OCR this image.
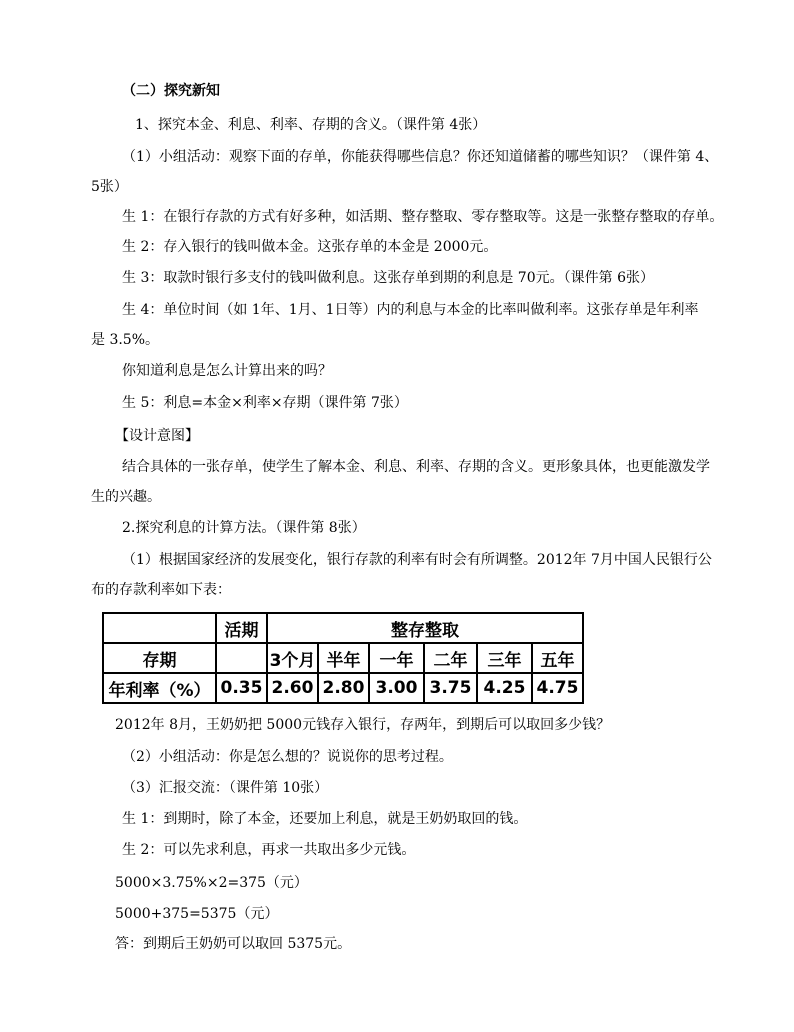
（二）探究新知
1、探究本金、利息、利率、存期的含义。（课件第 4张）
（1）小组活动：观察下面的存单，你能获得哪些信息？你还知道储蓄的哪些知识？（课件第 4、
5张）
生 1：在银行存款的方式有好多种，如活期、整存整取、零存整取等。这是一张整存整取的存单。
生 2：存入银行的钱叫做本金。这张存单的本金是 2000元。
生 3：取款时银行多支付的钱叫做利息。这张存单到期的利息是 70元。（课件第 6张）
生 4：单位时间（如 1年、1月、1日等）内的利息与本金的比率叫做利率。这张存单是年利率
是 3.5%。
你知道利息是怎么计算出来的吗？
生 5：利息=本金×利率×存期（课件第 7张）
【设计意图】
结合具体的一张存单，使学生了解本金、利息、利率、存期的含义。更形象具体，也更能激发学
生的兴趣。
2.探究利息的计算方法。（课件第 8张）
（1）根据国家经济的发展变化，银行存款的利率有时会有所调整。2012年 7月中国人民银行公
布的存款利率如下表：
	活期	整存整取					
存期		3个月	半年	一年	二年	三年	五年
年利率（%）	0.35	2.60	2.80	3.00	3.75	4.25	4.75
2012年 8月，王奶奶把 5000元钱存入银行，存两年，到期后可以取回多少钱？
（2）小组活动：你是怎么想的？说说你的思考过程。
（3）汇报交流：（课件第 10张）
生 1：到期时，除了本金，还要加上利息，就是王奶奶取回的钱。
生 2：可以先求利息，再求一共取出多少元钱。
5000×3.75%×2=375（元）
5000+375=5375（元）
答：到期后王奶奶可以取回 5375元。
